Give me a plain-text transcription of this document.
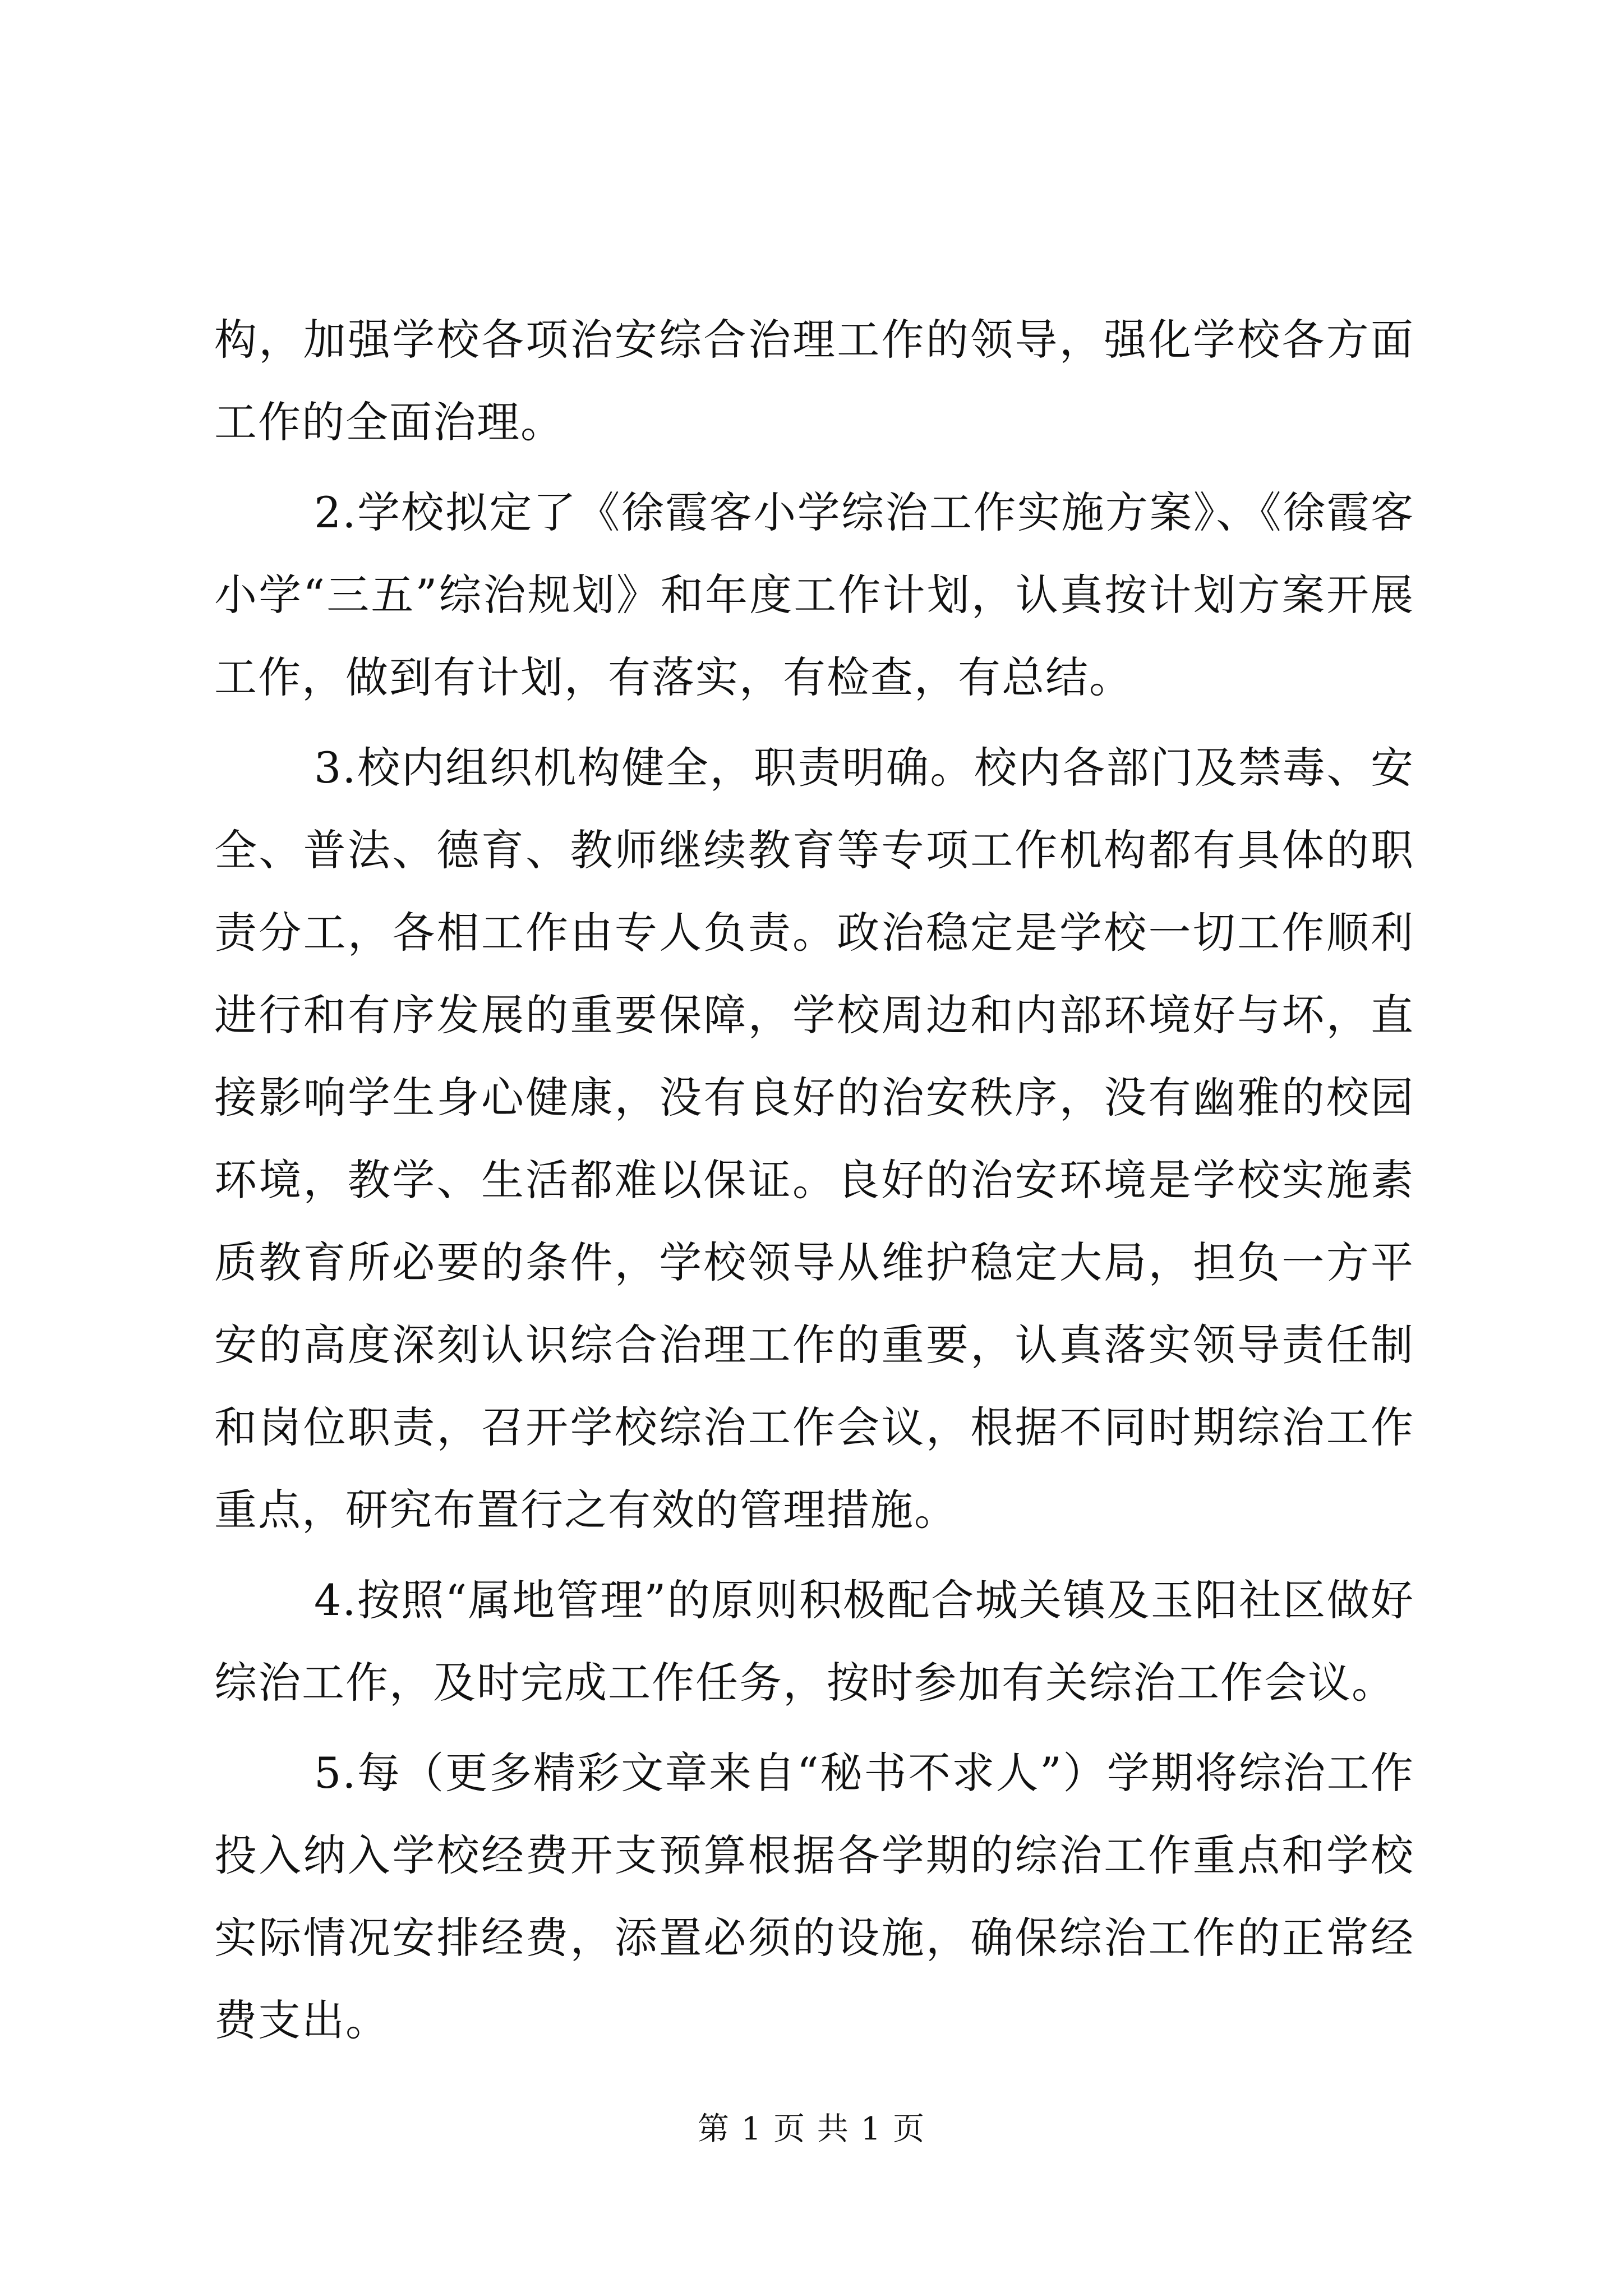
构，加强学校各项治安综合治理工作的领导，强化学校各方面工作的全面治理。

2.学校拟定了《徐霞客小学综治工作实施方案》、《徐霞客小学“三五”综治规划》和年度工作计划，认真按计划方案开展工作，做到有计划，有落实，有检查，有总结。

3.校内组织机构健全，职责明确。校内各部门及禁毒、安全、普法、德育、教师继续教育等专项工作机构都有具体的职责分工，各相工作由专人负责。政治稳定是学校一切工作顺利进行和有序发展的重要保障，学校周边和内部环境好与坏，直接影响学生身心健康，没有良好的治安秩序，没有幽雅的校园环境，教学、生活都难以保证。良好的治安环境是学校实施素质教育所必要的条件，学校领导从维护稳定大局，担负一方平安的高度深刻认识综合治理工作的重要，认真落实领导责任制和岗位职责，召开学校综治工作会议，根据不同时期综治工作重点，研究布置行之有效的管理措施。

4.按照“属地管理”的原则积极配合城关镇及玉阳社区做好综治工作，及时完成工作任务，按时参加有关综治工作会议。

5.每（更多精彩文章来自“秘书不求人”）学期将综治工作投入纳入学校经费开支预算根据各学期的综治工作重点和学校实际情况安排经费，添置必须的设施，确保综治工作的正常经费支出。

第 1 页 共 1 页
